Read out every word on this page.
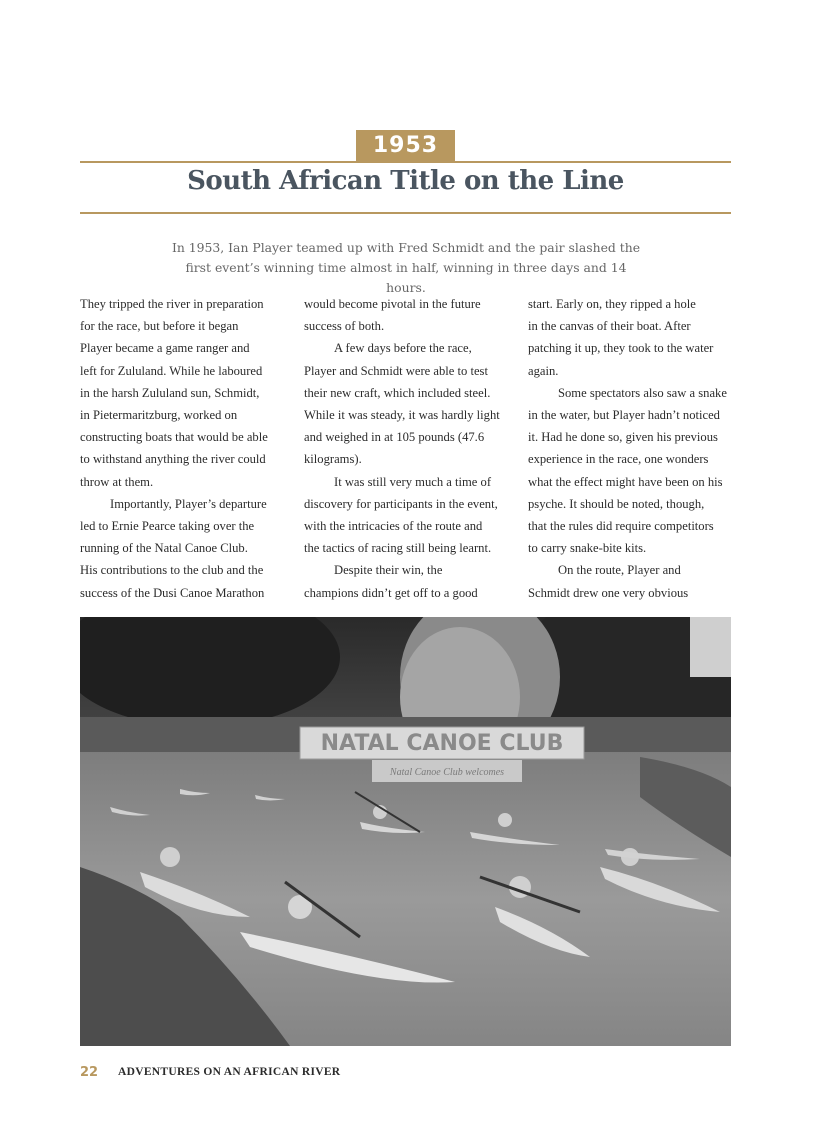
1953
South African Title on the Line
In 1953, Ian Player teamed up with Fred Schmidt and the pair slashed the
first event’s winning time almost in half, winning in three days and 14 hours.
They tripped the river in preparation
for the race, but before it began
Player became a game ranger and
left for Zululand. While he laboured
in the harsh Zululand sun, Schmidt,
in Pietermaritzburg, worked on
constructing boats that would be able
to withstand anything the river could
throw at them.
Importantly, Player’s departure
led to Ernie Pearce taking over the
running of the Natal Canoe Club.
His contributions to the club and the
success of the Dusi Canoe Marathon
would become pivotal in the future
success of both.
A few days before the race,
Player and Schmidt were able to test
their new craft, which included steel.
While it was steady, it was hardly light
and weighed in at 105 pounds (47.6
kilograms).
It was still very much a time of
discovery for participants in the event,
with the intricacies of the route and
the tactics of racing still being learnt.
Despite their win, the
champions didn’t get off to a good
start. Early on, they ripped a hole
in the canvas of their boat. After
patching it up, they took to the water
again.
Some spectators also saw a snake
in the water, but Player hadn’t noticed
it. Had he done so, given his previous
experience in the race, one wonders
what the effect might have been on his
psyche. It should be noted, though,
that the rules did require competitors
to carry snake-bite kits.
On the route, Player and
Schmidt drew one very obvious
NATAL CANOE CLUB
Natal Canoe Club welcomes
22 ADVENTURES ON AN AFRICAN RIVER
